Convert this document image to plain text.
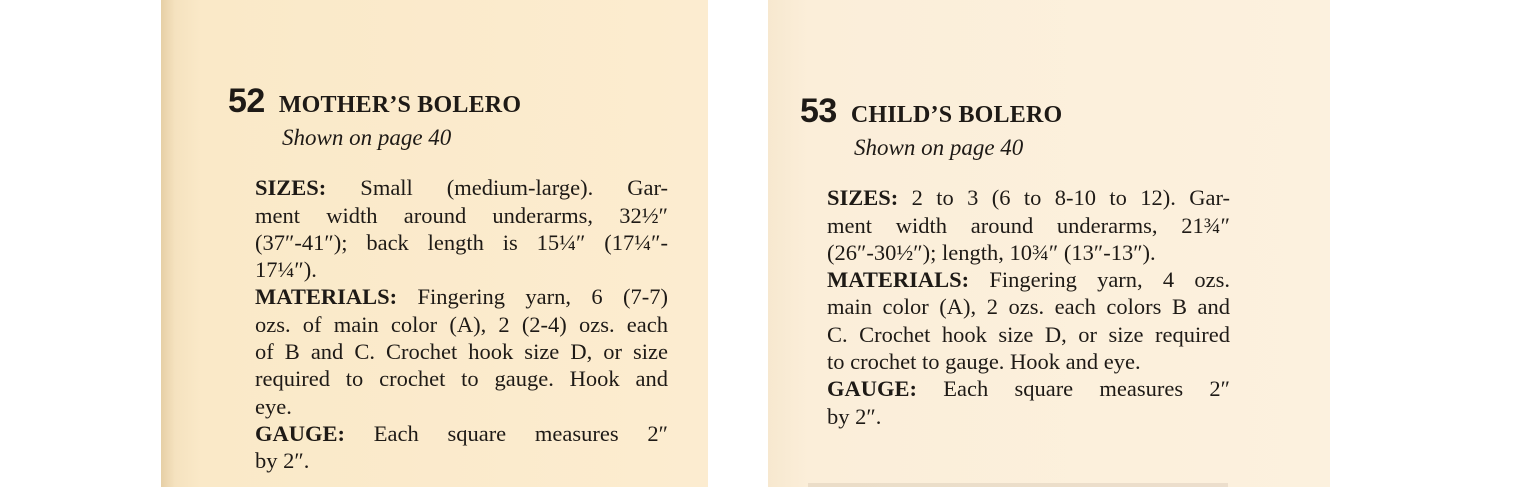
52 MOTHER’S BOLERO
Shown on page 40
SIZES: Small (medium-large). Gar-
ment width around underarms, 32½″
(37″-41″); back length is 15¼″ (17¼″-
17¼″).
MATERIALS: Fingering yarn, 6 (7-7)
ozs. of main color (A), 2 (2-4) ozs. each
of B and C. Crochet hook size D, or size
required to crochet to gauge. Hook and
eye.
GAUGE: Each square measures 2″
by 2″.
53 CHILD’S BOLERO
Shown on page 40
SIZES: 2 to 3 (6 to 8-10 to 12). Gar-
ment width around underarms, 21¾″
(26″-30½″); length, 10¾″ (13″-13″).
MATERIALS: Fingering yarn, 4 ozs.
main color (A), 2 ozs. each colors B and
C. Crochet hook size D, or size required
to crochet to gauge. Hook and eye.
GAUGE: Each square measures 2″
by 2″.
